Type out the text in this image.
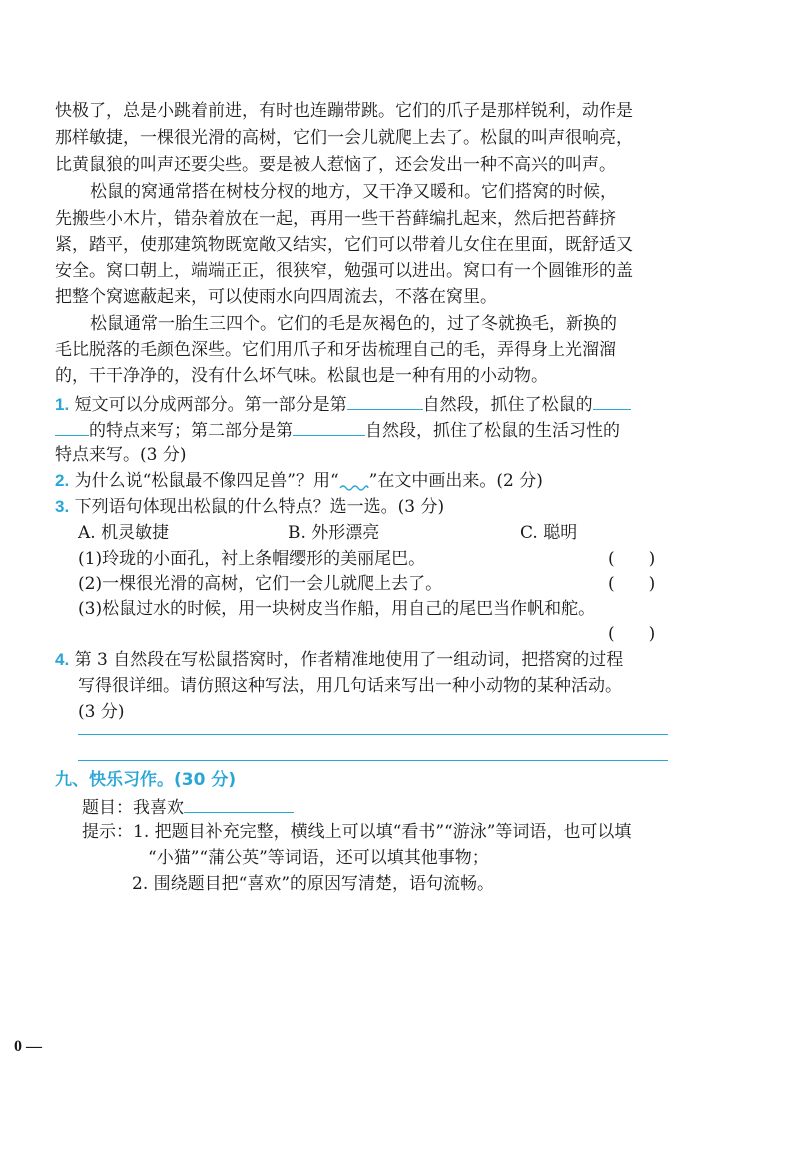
快极了，总是小跳着前进，有时也连蹦带跳。它们的爪子是那样锐利，动作是
那样敏捷，一棵很光滑的高树，它们一会儿就爬上去了。松鼠的叫声很响亮，
比黄鼠狼的叫声还要尖些。要是被人惹恼了，还会发出一种不高兴的叫声。
松鼠的窝通常搭在树枝分杈的地方，又干净又暖和。它们搭窝的时候，
先搬些小木片，错杂着放在一起，再用一些干苔藓编扎起来，然后把苔藓挤
紧，踏平，使那建筑物既宽敞又结实，它们可以带着儿女住在里面，既舒适又
安全。窝口朝上，端端正正，很狭窄，勉强可以进出。窝口有一个圆锥形的盖
把整个窝遮蔽起来，可以使雨水向四周流去，不落在窝里。
松鼠通常一胎生三四个。它们的毛是灰褐色的，过了冬就换毛，新换的
毛比脱落的毛颜色深些。它们用爪子和牙齿梳理自己的毛，弄得身上光溜溜
的，干干净净的，没有什么坏气味。松鼠也是一种有用的小动物。
1. 短文可以分成两部分。第一部分是第	自然段，抓住了松鼠的
的特点来写；第二部分是第	自然段，抓住了松鼠的生活习性的
特点来写。(3 分)
2. 为什么说“松鼠最不像四足兽”？用“ ”在文中画出来。(2 分)
3. 下列语句体现出松鼠的什么特点？选一选。(3 分)
A. 机灵敏捷	B. 外形漂亮	C. 聪明
(1)玲珑的小面孔，衬上条帽缨形的美丽尾巴。	(　　)
(2)一棵很光滑的高树，它们一会儿就爬上去了。	(　　)
(3)松鼠过水的时候，用一块树皮当作船，用自己的尾巴当作帆和舵。
(　　)
4. 第 3 自然段在写松鼠搭窝时，作者精准地使用了一组动词，把搭窝的过程
写得很详细。请仿照这种写法，用几句话来写出一种小动物的某种活动。
(3 分)
九、快乐习作。(30 分)
题目：我喜欢
提示：1. 把题目补充完整，横线上可以填“看书”“游泳”等词语，也可以填
“小猫”“蒲公英”等词语，还可以填其他事物；
2. 围绕题目把“喜欢”的原因写清楚，语句流畅。
0 —
